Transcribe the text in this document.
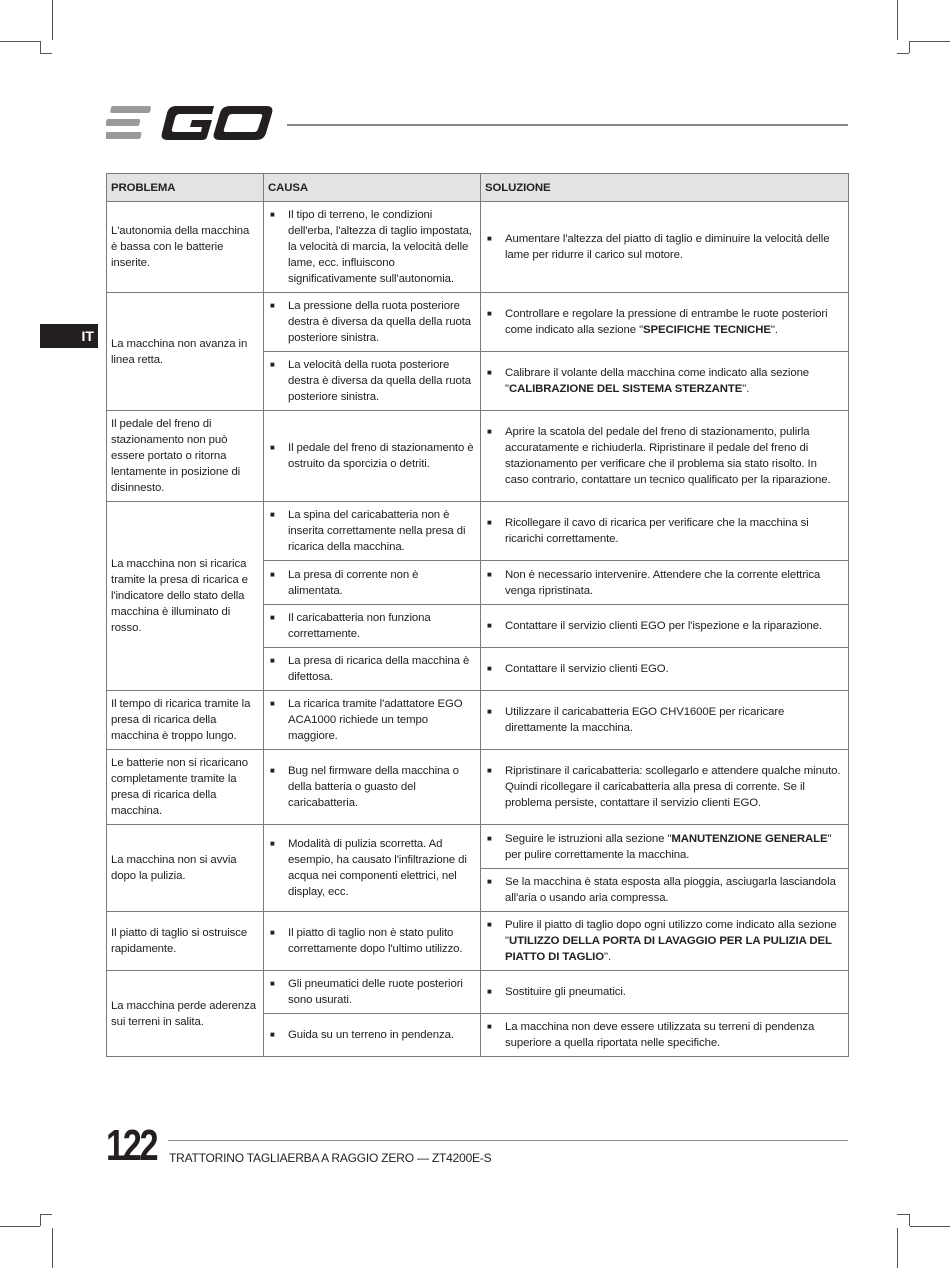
IT
PROBLEMA	CAUSA	SOLUZIONE
L'autonomia della macchina è bassa con le batterie inserite.	■ Il tipo di terreno, le condizioni dell'erba, l'altezza di taglio impostata, la velocità di marcia, la velocità delle lame, ecc. influiscono significativamente sull'autonomia.	■ Aumentare l'altezza del piatto di taglio e diminuire la velocità delle lame per ridurre il carico sul motore.

La macchina non avanza in linea retta.	■ La pressione della ruota posteriore destra è diversa da quella della ruota posteriore sinistra.	■ Controllare e regolare la pressione di entrambe le ruote posteriori come indicato alla sezione "SPECIFICHE TECNICHE".

	■ La velocità della ruota posteriore destra è diversa da quella della ruota posteriore sinistra.	■ Calibrare il volante della macchina come indicato alla sezione "CALIBRAZIONE DEL SISTEMA STERZANTE".

Il pedale del freno di stazionamento non può essere portato o ritorna lentamente in posizione di disinnesto.	■ Il pedale del freno di stazionamento è ostruito da sporcizia o detriti.	■ Aprire la scatola del pedale del freno di stazionamento, pulirla accuratamente e richiuderla. Ripristinare il pedale del freno di stazionamento per verificare che il problema sia stato risolto. In caso contrario, contattare un tecnico qualificato per la riparazione.

La macchina non si ricarica tramite la presa di ricarica e l'indicatore dello stato della macchina è illuminato di rosso.	■ La spina del caricabatteria non è inserita correttamente nella presa di ricarica della macchina.	■ Ricollegare il cavo di ricarica per verificare che la macchina si ricarichi correttamente.

	■ La presa di corrente non è alimentata.	■ Non è necessario intervenire. Attendere che la corrente elettrica venga ripristinata.

	■ Il caricabatteria non funziona correttamente.	■ Contattare il servizio clienti EGO per l'ispezione e la riparazione.

	■ La presa di ricarica della macchina è difettosa.	■ Contattare il servizio clienti EGO.

Il tempo di ricarica tramite la presa di ricarica della macchina è troppo lungo.	■ La ricarica tramite l'adattatore EGO ACA1000 richiede un tempo maggiore.	■ Utilizzare il caricabatteria EGO CHV1600E per ricaricare direttamente la macchina.

Le batterie non si ricaricano completamente tramite la presa di ricarica della macchina.	■ Bug nel firmware della macchina o della batteria o guasto del caricabatteria.	■ Ripristinare il caricabatteria: scollegarlo e attendere qualche minuto. Quindi ricollegare il caricabatteria alla presa di corrente. Se il problema persiste, contattare il servizio clienti EGO.

La macchina non si avvia dopo la pulizia.	■ Modalità di pulizia scorretta. Ad esempio, ha causato l'infiltrazione di acqua nei componenti elettrici, nel display, ecc.	■ Seguire le istruzioni alla sezione "MANUTENZIONE GENERALE" per pulire correttamente la macchina.

		■ Se la macchina è stata esposta alla pioggia, asciugarla lasciandola all'aria o usando aria compressa.

Il piatto di taglio si ostruisce rapidamente.	■ Il piatto di taglio non è stato pulito correttamente dopo l'ultimo utilizzo.	■ Pulire il piatto di taglio dopo ogni utilizzo come indicato alla sezione "UTILIZZO DELLA PORTA DI LAVAGGIO PER LA PULIZIA DEL PIATTO DI TAGLIO".

La macchina perde aderenza sui terreni in salita.	■ Gli pneumatici delle ruote posteriori sono usurati.	■ Sostituire gli pneumatici.

	■ Guida su un terreno in pendenza.	■ La macchina non deve essere utilizzata su terreni di pendenza superiore a quella riportata nelle specifiche.
122 TRATTORINO TAGLIAERBA A RAGGIO ZERO — ZT4200E-S
